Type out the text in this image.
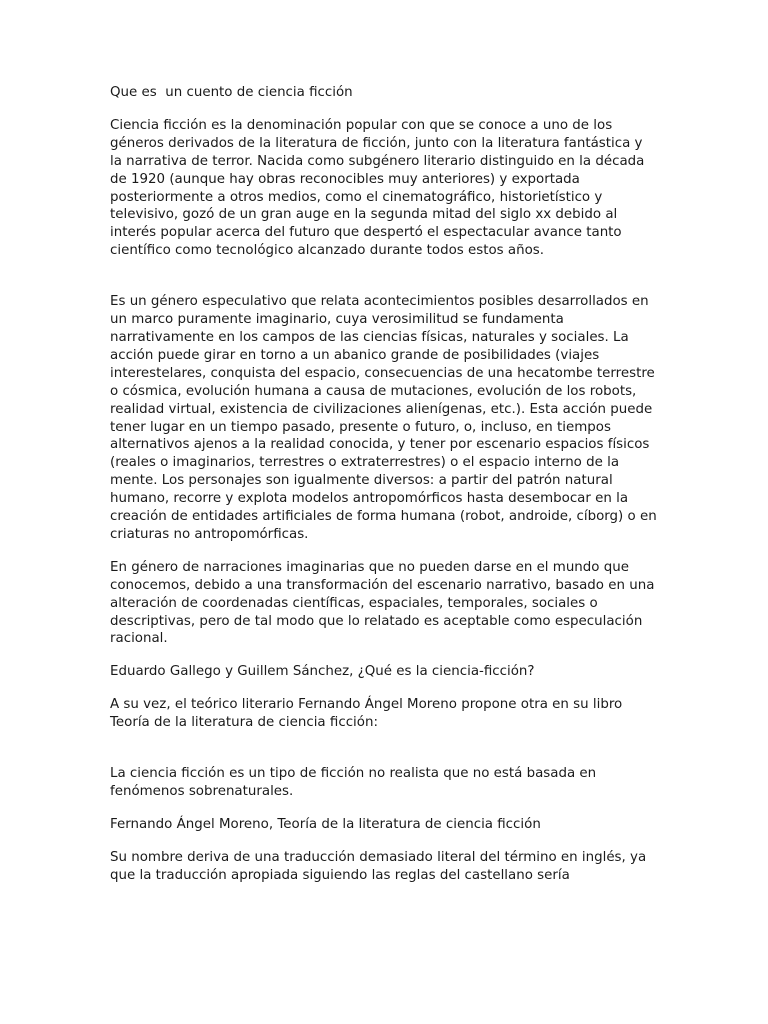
Que es  un cuento de ciencia ficción

Ciencia ficción es la denominación popular con que se conoce a uno de los géneros derivados de la literatura de ficción, junto con la literatura fantástica y la narrativa de terror. Nacida como subgénero literario distinguido en la década de 1920 (aunque hay obras reconocibles muy anteriores) y exportada posteriormente a otros medios, como el cinematográfico, historietístico y televisivo, gozó de un gran auge en la segunda mitad del siglo xx debido al interés popular acerca del futuro que despertó el espectacular avance tanto científico como tecnológico alcanzado durante todos estos años.

Es un género especulativo que relata acontecimientos posibles desarrollados en un marco puramente imaginario, cuya verosimilitud se fundamenta narrativamente en los campos de las ciencias físicas, naturales y sociales. La acción puede girar en torno a un abanico grande de posibilidades (viajes interestelares, conquista del espacio, consecuencias de una hecatombe terrestre o cósmica, evolución humana a causa de mutaciones, evolución de los robots, realidad virtual, existencia de civilizaciones alienígenas, etc.). Esta acción puede tener lugar en un tiempo pasado, presente o futuro, o, incluso, en tiempos alternativos ajenos a la realidad conocida, y tener por escenario espacios físicos (reales o imaginarios, terrestres o extraterrestres) o el espacio interno de la mente. Los personajes son igualmente diversos: a partir del patrón natural humano, recorre y explota modelos antropomórficos hasta desembocar en la creación de entidades artificiales de forma humana (robot, androide, cíborg) o en criaturas no antropomórficas.

En género de narraciones imaginarias que no pueden darse en el mundo que conocemos, debido a una transformación del escenario narrativo, basado en una alteración de coordenadas científicas, espaciales, temporales, sociales o descriptivas, pero de tal modo que lo relatado es aceptable como especulación racional.

Eduardo Gallego y Guillem Sánchez, ¿Qué es la ciencia-ficción?

A su vez, el teórico literario Fernando Ángel Moreno propone otra en su libro Teoría de la literatura de ciencia ficción:

La ciencia ficción es un tipo de ficción no realista que no está basada en fenómenos sobrenaturales.

Fernando Ángel Moreno, Teoría de la literatura de ciencia ficción

Su nombre deriva de una traducción demasiado literal del término en inglés, ya que la traducción apropiada siguiendo las reglas del castellano sería
